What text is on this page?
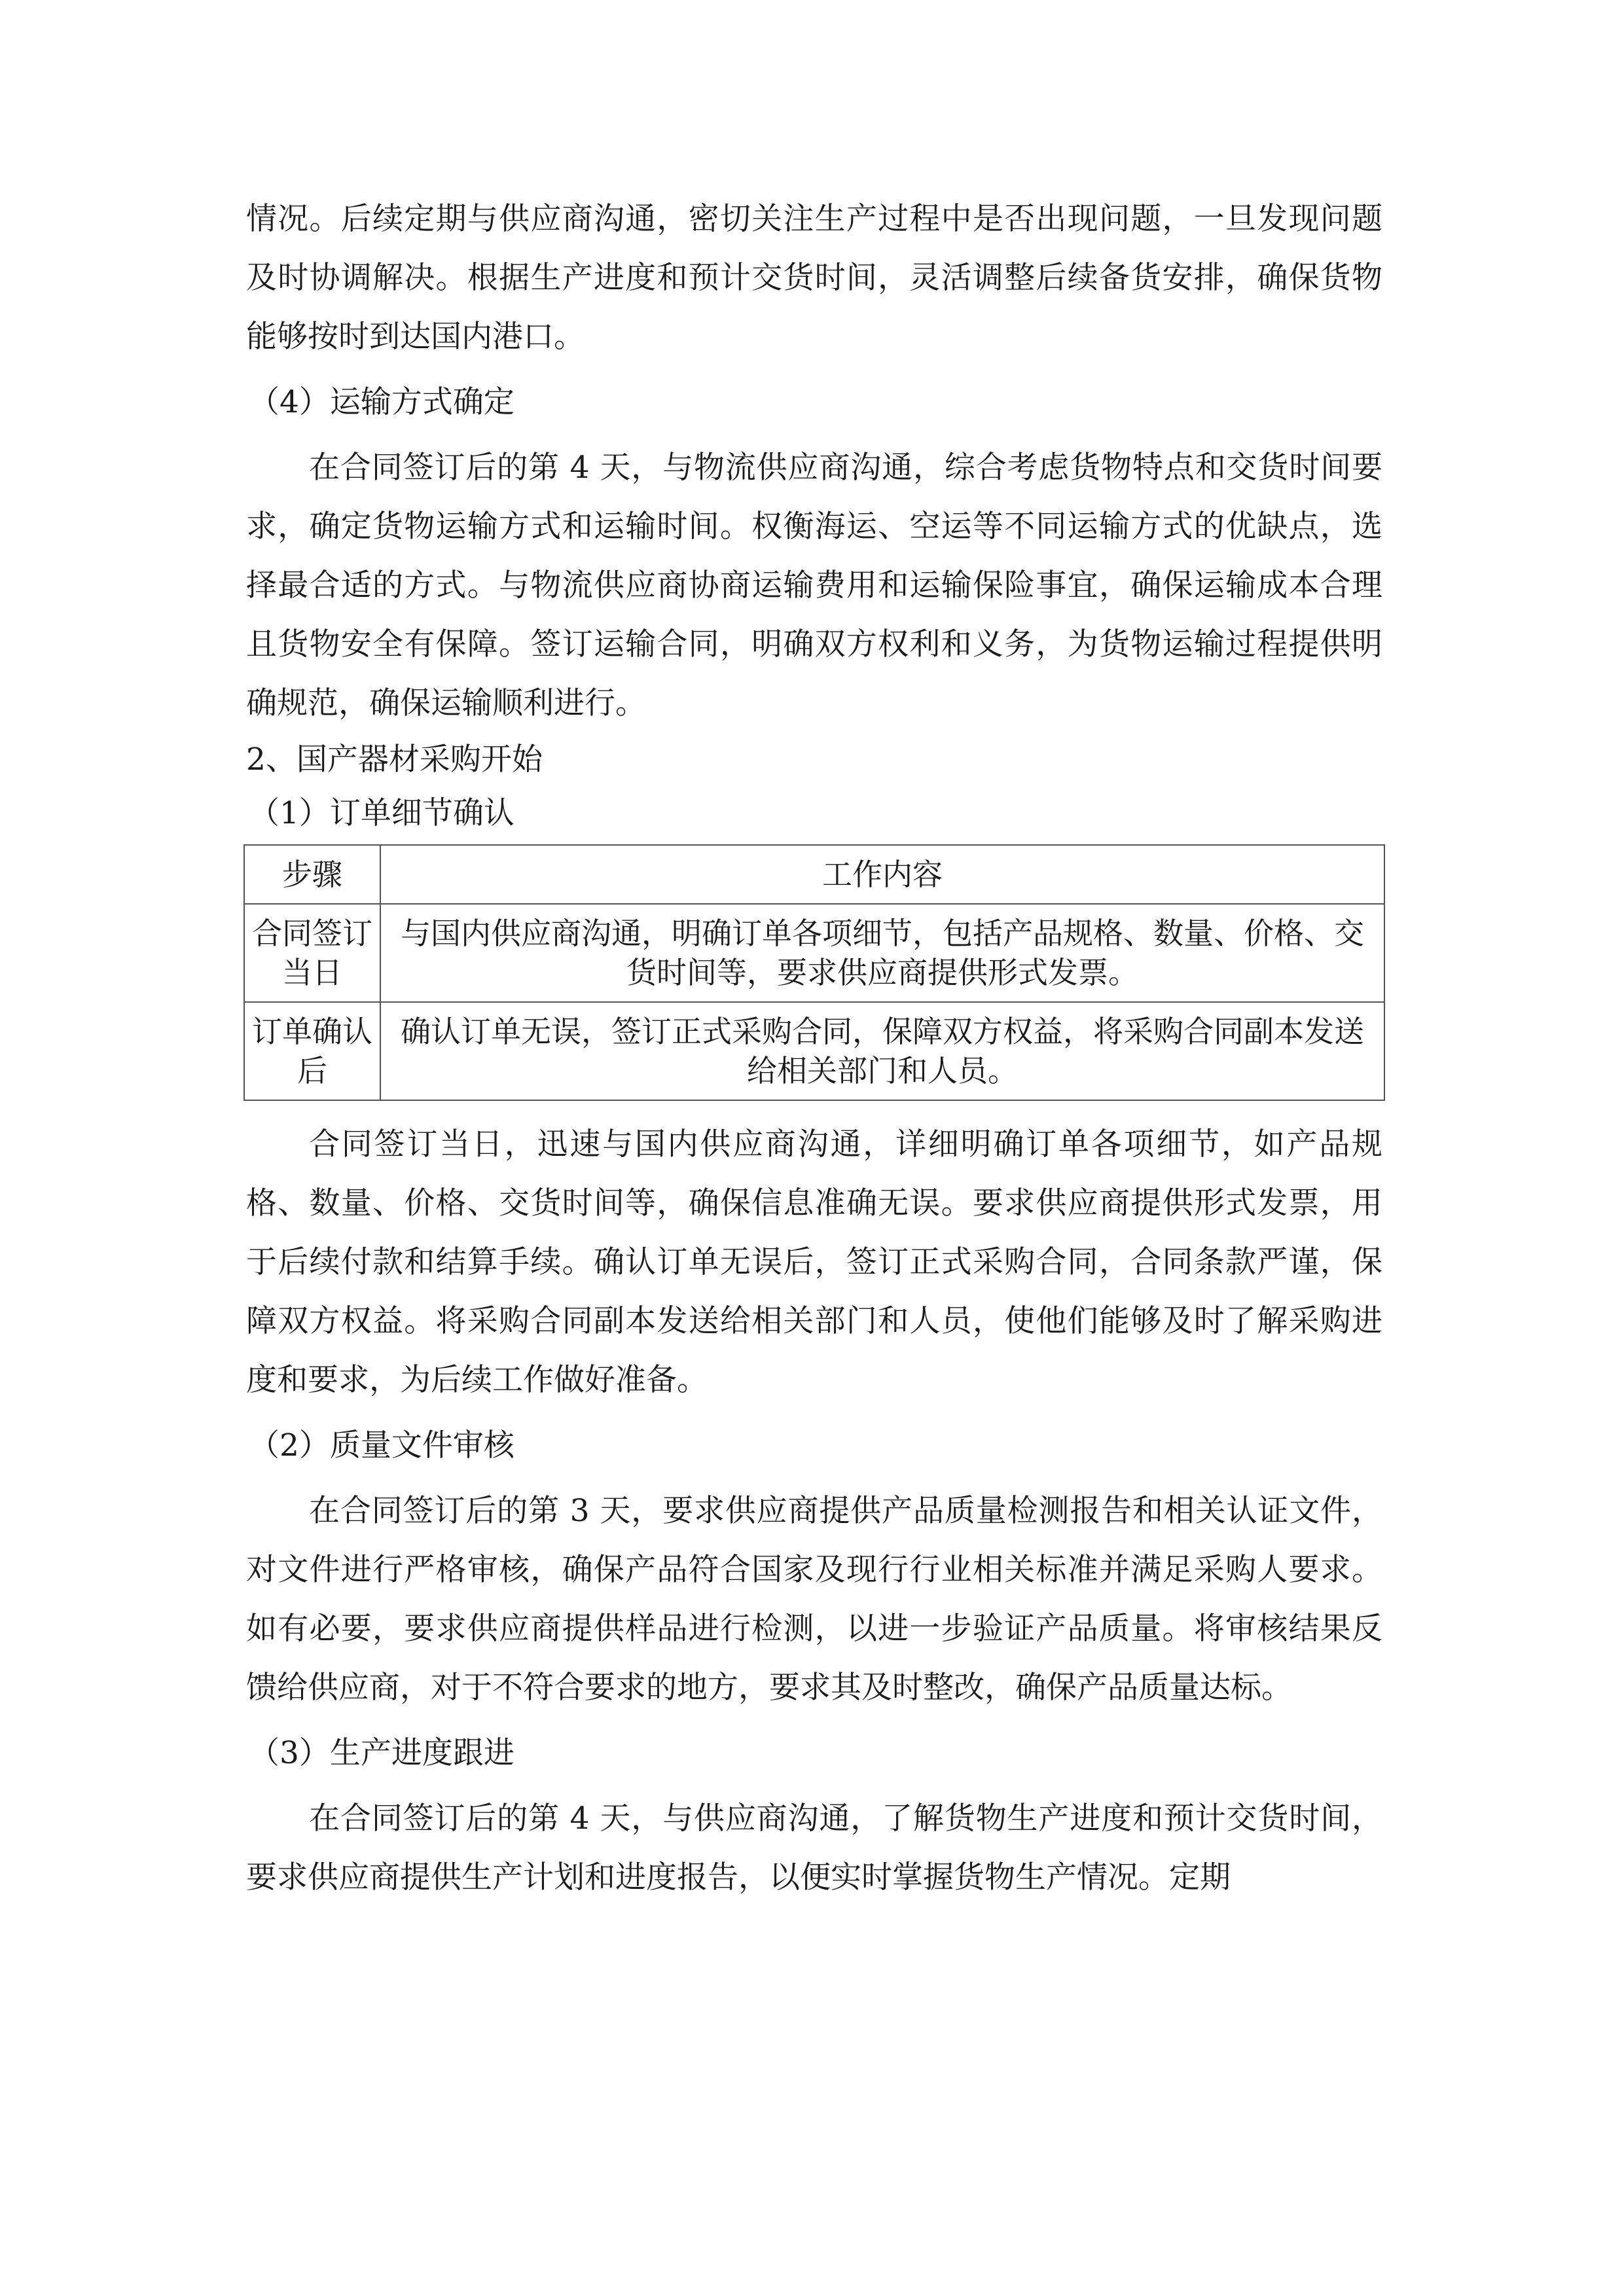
情况。后续定期与供应商沟通，密切关注生产过程中是否出现问题，一旦发现问题及时协调解决。根据生产进度和预计交货时间，灵活调整后续备货安排，确保货物能够按时到达国内港口。

（4）运输方式确定

在合同签订后的第 4 天，与物流供应商沟通，综合考虑货物特点和交货时间要求，确定货物运输方式和运输时间。权衡海运、空运等不同运输方式的优缺点，选择最合适的方式。与物流供应商协商运输费用和运输保险事宜，确保运输成本合理且货物安全有保障。签订运输合同，明确双方权利和义务，为货物运输过程提供明确规范，确保运输顺利进行。

2、国产器材采购开始

（1）订单细节确认

步骤	工作内容
合同签订当日	与国内供应商沟通，明确订单各项细节，包括产品规格、数量、价格、交货时间等，要求供应商提供形式发票。
订单确认后	确认订单无误，签订正式采购合同，保障双方权益，将采购合同副本发送给相关部门和人员。

合同签订当日，迅速与国内供应商沟通，详细明确订单各项细节，如产品规格、数量、价格、交货时间等，确保信息准确无误。要求供应商提供形式发票，用于后续付款和结算手续。确认订单无误后，签订正式采购合同，合同条款严谨，保障双方权益。将采购合同副本发送给相关部门和人员，使他们能够及时了解采购进度和要求，为后续工作做好准备。

（2）质量文件审核

在合同签订后的第 3 天，要求供应商提供产品质量检测报告和相关认证文件，对文件进行严格审核，确保产品符合国家及现行行业相关标准并满足采购人要求。如有必要，要求供应商提供样品进行检测，以进一步验证产品质量。将审核结果反馈给供应商，对于不符合要求的地方，要求其及时整改，确保产品质量达标。

（3）生产进度跟进

在合同签订后的第 4 天，与供应商沟通，了解货物生产进度和预计交货时间，要求供应商提供生产计划和进度报告，以便实时掌握货物生产情况。定期
